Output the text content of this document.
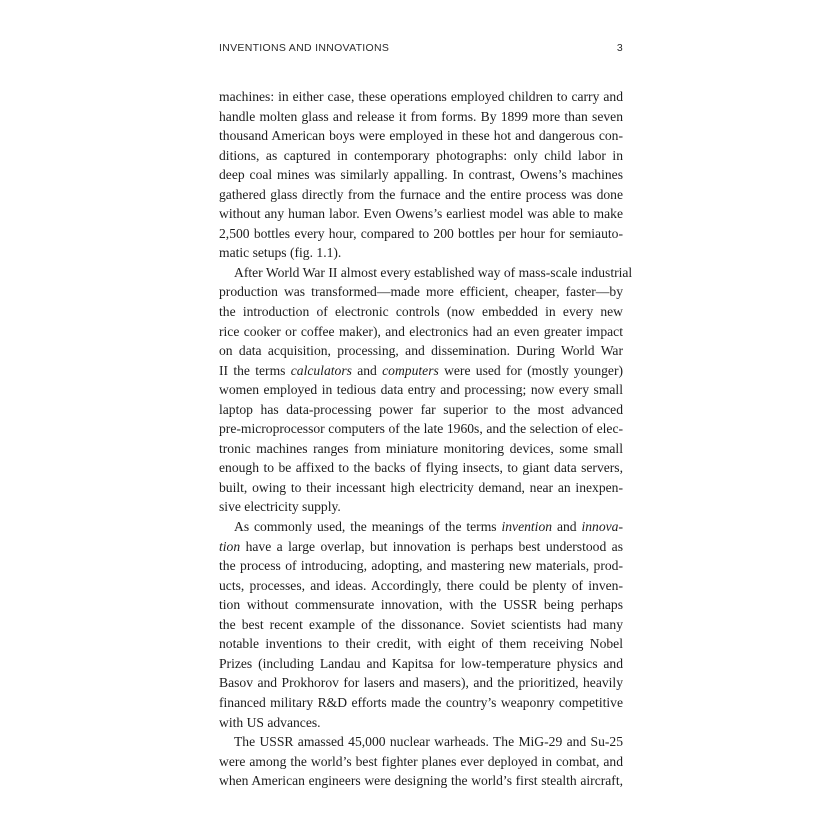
INVENTIONS AND INNOVATIONS	3
machines: in either case, these operations employed children to carry and
handle molten glass and release it from forms. By 1899 more than seven
thousand American boys were employed in these hot and dangerous con-
ditions, as captured in contemporary photographs: only child labor in
deep coal mines was similarly appalling. In contrast, Owens’s machines
gathered glass directly from the furnace and the entire process was done
without any human labor. Even Owens’s earliest model was able to make
2,500 bottles every hour, compared to 200 bottles per hour for semiauto-
matic setups (fig. 1.1).
After World War II almost every established way of mass-scale industrial
production was transformed—made more efficient, cheaper, faster—by
the introduction of electronic controls (now embedded in every new
rice cooker or coffee maker), and electronics had an even greater impact
on data acquisition, processing, and dissemination. During World War
II the terms calculators and computers were used for (mostly younger)
women employed in tedious data entry and processing; now every small
laptop has data-processing power far superior to the most advanced
pre-microprocessor computers of the late 1960s, and the selection of elec-
tronic machines ranges from miniature monitoring devices, some small
enough to be affixed to the backs of flying insects, to giant data servers,
built, owing to their incessant high electricity demand, near an inexpen-
sive electricity supply.
As commonly used, the meanings of the terms invention and innova-
tion have a large overlap, but innovation is perhaps best understood as
the process of introducing, adopting, and mastering new materials, prod-
ucts, processes, and ideas. Accordingly, there could be plenty of inven-
tion without commensurate innovation, with the USSR being perhaps
the best recent example of the dissonance. Soviet scientists had many
notable inventions to their credit, with eight of them receiving Nobel
Prizes (including Landau and Kapitsa for low-temperature physics and
Basov and Prokhorov for lasers and masers), and the prioritized, heavily
financed military R&D efforts made the country’s weaponry competitive
with US advances.
The USSR amassed 45,000 nuclear warheads. The MiG-29 and Su-25
were among the world’s best fighter planes ever deployed in combat, and
when American engineers were designing the world’s first stealth aircraft,
